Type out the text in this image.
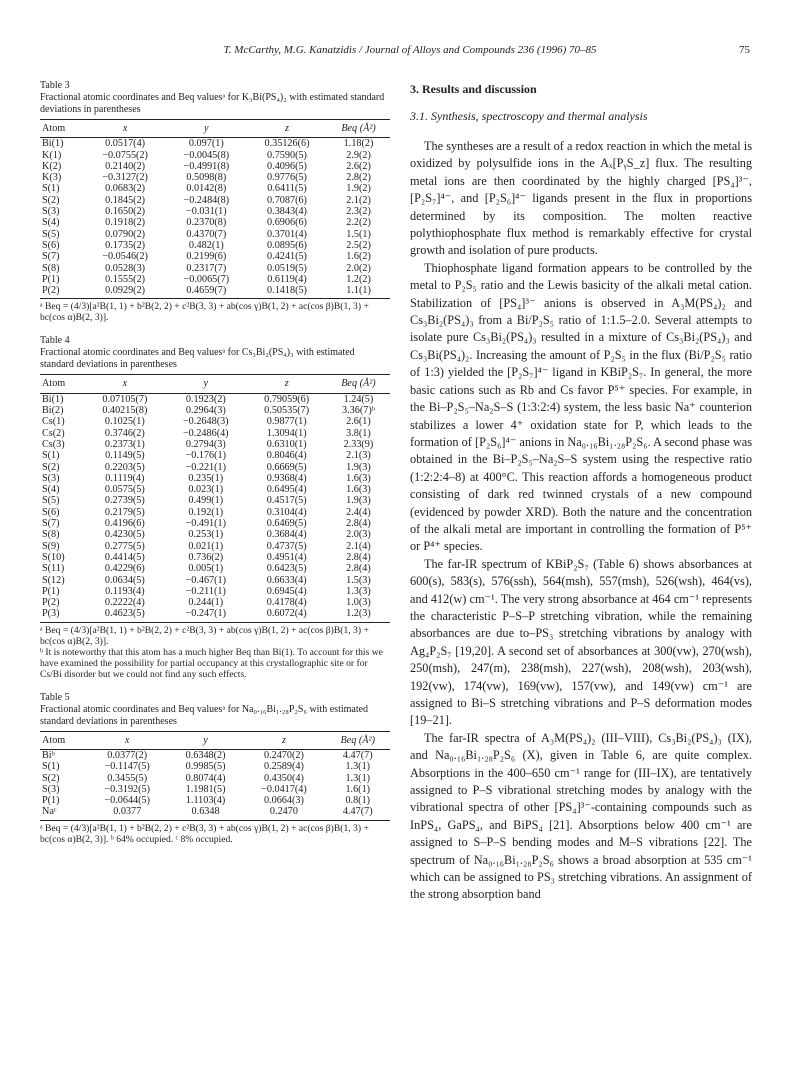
T. McCarthy, M.G. Kanatzidis / Journal of Alloys and Compounds 236 (1996) 70–85	75
Table 3
Fractional atomic coordinates and Beq valuesᵃ for K₃Bi(PS₄)₂ with estimated standard deviations in parentheses
Atom	x	y	z	Beq (Å²)
Bi(1)	0.0517(4)	0.097(1)	0.35126(6)	1.18(2)
K(1)	−0.0755(2)	−0.0045(8)	0.7590(5)	2.9(2)
K(2)	0.2140(2)	−0.4991(8)	0.4096(5)	2.6(2)
K(3)	−0.3127(2)	0.5098(8)	0.9776(5)	2.8(2)
S(1)	0.0683(2)	0.0142(8)	0.6411(5)	1.9(2)
S(2)	0.1845(2)	−0.2484(8)	0.7087(6)	2.1(2)
S(3)	0.1650(2)	−0.031(1)	0.3843(4)	2.3(2)
S(4)	0.1918(2)	0.2370(8)	0.6906(6)	2.2(2)
S(5)	0.0790(2)	0.4370(7)	0.3701(4)	1.5(1)
S(6)	0.1735(2)	0.482(1)	0.0895(6)	2.5(2)
S(7)	−0.0546(2)	0.2199(6)	0.4241(5)	1.6(2)
S(8)	0.0528(3)	0.2317(7)	0.0519(5)	2.0(2)
P(1)	0.1555(2)	−0.0065(7)	0.6119(4)	1.2(2)
P(2)	0.0929(2)	0.4659(7)	0.1418(5)	1.1(1)

ᵃ Beq = (4/3)[a²B(1, 1) + b²B(2, 2) + c²B(3, 3) + ab(cos γ)B(1, 2) + ac(cos β)B(1, 3) + bc(cos α)B(2, 3)].

Table 4
Fractional atomic coordinates and Beq valuesᵃ for Cs₃Bi₂(PS₄)₃ with estimated standard deviations in parentheses
Atom	x	y	z	Beq (Å²)
Bi(1)	0.07105(7)	0.1923(2)	0.79059(6)	1.24(5)
Bi(2)	0.40215(8)	0.2964(3)	0.50535(7)	3.36(7)ᵇ
Cs(1)	0.1025(1)	−0.2648(3)	0.9877(1)	2.6(1)
Cs(2)	0.3746(2)	−0.2486(4)	1.3094(1)	3.8(1)
Cs(3)	0.2373(1)	0.2794(3)	0.6310(1)	2.33(9)
S(1)	0.1149(5)	−0.176(1)	0.8046(4)	2.1(3)
S(2)	0.2203(5)	−0.221(1)	0.6669(5)	1.9(3)
S(3)	0.1119(4)	0.235(1)	0.9368(4)	1.6(3)
S(4)	0.0575(5)	0.023(1)	0.6495(4)	1.6(3)
S(5)	0.2739(5)	0.499(1)	0.4517(5)	1.9(3)
S(6)	0.2179(5)	0.192(1)	0.3104(4)	2.4(4)
S(7)	0.4196(6)	−0.491(1)	0.6469(5)	2.8(4)
S(8)	0.4230(5)	0.253(1)	0.3684(4)	2.0(3)
S(9)	0.2775(5)	0.021(1)	0.4737(5)	2.1(4)
S(10)	0.4414(5)	0.736(2)	0.4951(4)	2.8(4)
S(11)	0.4229(6)	0.005(1)	0.6423(5)	2.8(4)
S(12)	0.0634(5)	−0.467(1)	0.6633(4)	1.5(3)
P(1)	0.1193(4)	−0.211(1)	0.6945(4)	1.3(3)
P(2)	0.2222(4)	0.244(1)	0.4178(4)	1.0(3)
P(3)	0.4623(5)	−0.247(1)	0.6072(4)	1.2(3)

ᵃ Beq = (4/3)[a²B(1, 1) + b²B(2, 2) + c²B(3, 3) + ab(cos γ)B(1, 2) + ac(cos β)B(1, 3) + bc(cos α)B(2, 3)].

ᵇ It is noteworthy that this atom has a much higher Beq than Bi(1). To account for this we have examined the possibility for partial occupancy at this crystallographic site or for Cs/Bi disorder but we could not find any such effects.

Table 5
Fractional atomic coordinates and Beq valuesᵃ for Na₀.₁₆Bi₁.₂₈P₂S₆ with estimated standard deviations in parentheses
Atom	x	y	z	Beq (Å²)
Biᵇ	0.0377(2)	0.6348(2)	0.2470(2)	4.47(7)
S(1)	−0.1147(5)	0.9985(5)	0.2589(4)	1.3(1)
S(2)	0.3455(5)	0.8074(4)	0.4350(4)	1.3(1)
S(3)	−0.3192(5)	1.1981(5)	−0.0417(4)	1.6(1)
P(1)	−0.0644(5)	1.1103(4)	0.0664(3)	0.8(1)
Naᶜ	0.0377	0.6348	0.2470	4.47(7)

ᵃ Beq = (4/3)[a²B(1, 1) + b²B(2, 2) + c²B(3, 3) + ab(cos γ)B(1, 2) + ac(cos β)B(1, 3) + bc(cos α)B(2, 3)]. ᵇ 64% occupied. ᶜ 8% occupied.

3. Results and discussion
3.1. Synthesis, spectroscopy and thermal analysis

The syntheses are a result of a redox reaction in which the metal is oxidized by polysulfide ions in the Aₓ[PᵧS_z] flux. The resulting metal ions are then coordinated by the highly charged [PS₄]³⁻, [P₂S₇]⁴⁻, and [P₂S₆]⁴⁻ ligands present in the flux in proportions determined by its composition. The molten reactive polythiophosphate flux method is remarkably effective for crystal growth and isolation of pure products.

Thiophosphate ligand formation appears to be controlled by the metal to P₂S₅ ratio and the Lewis basicity of the alkali metal cation. Stabilization of [PS₄]³⁻ anions is observed in A₃M(PS₄)₂ and Cs₃Bi₂(PS₄)₃ from a Bi/P₂S₅ ratio of 1:1.5–2.0. Several attempts to isolate pure Cs₃Bi₂(PS₄)₃ resulted in a mixture of Cs₃Bi₂(PS₄)₃ and Cs₃Bi(PS₄)₂. Increasing the amount of P₂S₅ in the flux (Bi/P₂S₅ ratio of 1:3) yielded the [P₂S₇]⁴⁻ ligand in KBiP₂S₇. In general, the more basic cations such as Rb and Cs favor P⁵⁺ species. For example, in the Bi–P₂S₅–Na₂S–S (1:3:2:4) system, the less basic Na⁺ counterion stabilizes a lower 4⁺ oxidation state for P, which leads to the formation of [P₂S₆]⁴⁻ anions in Na₀.₁₆Bi₁.₂₈P₂S₆. A second phase was obtained in the Bi–P₂S₅–Na₂S–S system using the respective ratio (1:2:2:4–8) at 400°C. This reaction affords a homogeneous product consisting of dark red twinned crystals of a new compound (evidenced by powder XRD). Both the nature and the concentration of the alkali metal are important in controlling the formation of P⁵⁺ or P⁴⁺ species.

The far-IR spectrum of KBiP₂S₇ (Table 6) shows absorbances at 600(s), 583(s), 576(ssh), 564(msh), 557(msh), 526(wsh), 464(vs), and 412(w) cm⁻¹. The very strong absorbance at 464 cm⁻¹ represents the characteristic P–S–P stretching vibration, while the remaining absorbances are due to–PS₃ stretching vibrations by analogy with Ag₄P₂S₇ [19,20]. A second set of absorbances at 300(vw), 270(wsh), 250(msh), 247(m), 238(msh), 227(wsh), 208(wsh), 203(wsh), 192(vw), 174(vw), 169(vw), 157(vw), and 149(vw) cm⁻¹ are assigned to Bi–S stretching vibrations and P–S deformation modes [19–21].

The far-IR spectra of A₃M(PS₄)₂ (III–VIII), Cs₃Bi₂(PS₄)₃ (IX), and Na₀.₁₆Bi₁.₂₈P₂S₆ (X), given in Table 6, are quite complex. Absorptions in the 400–650 cm⁻¹ range for (III–IX), are tentatively assigned to P–S vibrational stretching modes by analogy with the vibrational spectra of other [PS₄]³⁻-containing compounds such as InPS₄, GaPS₄, and BiPS₄ [21]. Absorptions below 400 cm⁻¹ are assigned to S–P–S bending modes and M–S vibrations [22]. The spectrum of Na₀.₁₆Bi₁.₂₈P₂S₆ shows a broad absorption at 535 cm⁻¹ which can be assigned to PS₃ stretching vibrations. An assignment of the strong absorption band
